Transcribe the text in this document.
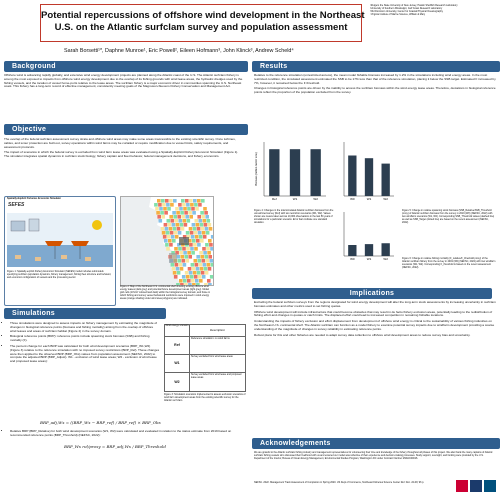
Potential repercussions of offshore wind development in the Northeast
U.S. on the Atlantic surfclam survey and population assessment
¹Rutgers the State University of New Jersey, Haskin Shellfish Research Laboratory
²University of Southern Mississippi, Gulf Coast Research Laboratory
³Old Dominion University, Center for Coastal Physical Oceanography
⁴Virginia Institute of Marine Science, William & Mary
Sarah Borsetti¹*, Daphne Munroe¹, Eric Powell², Eileen Hofmann³, John Klinck³, Andrew Scheld⁴
Background
Offshore wind is advancing rapidly globally, and extensive wind energy development projects are planned along the Atlantic coast of the U.S. The Atlantic surfclam fishery is among the most exposed to impacts from offshore wind energy development due to the overlap of its fishing grounds with wind lease areas, the hydraulic dredges used by the fishing vessels, and the location of vessel home-ports relative to the lease areas. The surfclam fishery is a major economic driver in communities spanning the U.S. Northeast coast. This fishery has a long-term record of effective management, consistently meeting goals of the Magnuson-Stevens Fishery Conservation and Management Act.
Objective

The overlap of the federal surfclam assessment survey strata and offshore wind areas may make some areas inaccessible to the existing scientific survey. Once turbines, cables, and scour protection are built out, survey operations within wind farms may be curtailed or require modification due to vessel limits, safety requirements, and assessment protocols.

The impact of scenarios in which the federal survey is excluded from wind farm lease areas was evaluated using a Spatially-Explicit Fishery Economic Simulator (Figure 1). The simulator integrates spatial dynamics in surfclam stock biology, fishery captain and fleet behavior, federal management decisions, and fishery economics.

Spatially-Explicit Fisheries Economic Simulator
SEFES
Figure 1: Spatially-explicit Fishery Economic Simulator (SEFES) model includes submodels specifying surfclam population dynamics, fishery management, fishing fleet structure and behavior, and economic configuration of vessels and the processing sector.
Figure 2: Map of the Northeast U.S. continental shelf showing existing offshore wind energy leases (dark grey) and potential future development areas (light grey). Model grid cells (10'x10' colored land dark) within the biological survey domain, and those in which fishing and survey vessel behavioral restrictions were imposed in wind energy areas (orange shading under wind area polygons) are indicated.
Wind energy scenario
Description
Ref
Reference simulation: no wind farms
W1
Survey excluded from wind lease areas
W2
Survey excluded from wind lease and proposed lease areas
Figure 3: Simulation scenarios implemented to assess exclusion scenarios of wind farm development areas from the existing scientific survey for the Atlantic surf clam.
Simulations
• Three simulations were designed to assess impacts on fishery management by estimating the magnitude of changes in biological reference points (biomass and fishing mortality) arising from the overlap of offshore wind leases and areas of surfclam habitat (Figure 2) in the survey domain.
• Biological reference points (BRP): reference points include spawning stock biomass (SSB) and fishing mortality (F).
• The percent change for each BRP was calculated for both wind development scenarios (BRP_W1,W2) (Figure 3) relative to the reference simulation with no imposed survey restrictions (BRP_Ref). These changes were then applied to the observed BRP (BRP_Obs) values from population assessment (NEFSC, 2022) to compute the adjusted BRP (BRP_Adjust). W1 - exclusion of wind lease areas; W2 - exclusion of wind lease and proposed lease areas):
BRP_adj,Wx = ((BRP_Wx − BRP_ref) / BRP_ref) × BRP_Obs
• Relative BRP (BRP_Relative) for both wind development scenarios (W1, W2) were calculated and evaluated in relation to the status estimate from 2019 based on recommended reference points (BRP_Threshold) (NEFSC, 2022):
BRP_Wx rel/proxy = BRP_adj,Wx / BRP_Threshold
Results

Relative to the reference simulation (unrestricted access), the mean model fishable biomass increased by 1.2% in the simulations including wind energy areas. In the most restricted condition, the simulated assessment estimated the SSB to be 17% less than that of the reference simulation, placing it below the SSB target. Estimated F increased by 7%, however, it remained below the F threshold.

Changes in biological reference points are driven by the inability to access the surfclam biomass within the wind energy lease areas. Therefore, deviations in biological reference points reflect the proportion of the population excluded from the survey.

Ref	W1	W2
Biomass (million metric tons)
Figure 4: Changes in the total simulated Atlantic surfclam biomass from the unrestricted survey (Ref) with two restriction scenarios (W1, W2). Values shown are means taken across 10,000 observations in the last 50 years of simulations for a particular scenario. Error bars indicate one standard deviation.
W0	W1	W2
Figure 5: Change in relative spawning stock biomass (SSB_Relative/SSB_Threshold proxy) of Atlantic surfclam biomass from the survey in 2019 (W0) (NEFSC, 2022) with two windfarm scenarios (W1, W2). Corresponding SSB_Threshold values (dashed line) as well as SSB_Target (dotted line) are based on the recent assessment (NEFSC, 2022).
W0	W1	W2	Figure 6: Change in relative fishing mortality (F_relative/F_threshold proxy) of the Atlantic surfclam fishery from the survey in 2019 (W0) (NEFSC, 2022) with two windfarm scenarios (W1, W2). Corresponding F_threshold is based on the recent assessment (NEFSC, 2022).
Implications

Excluding the federal surfclam surveys from the regions designated for wind energy development will alter the long-term stock assessments by increasing uncertainty in surfclam biomass estimates and other metrics used to set fishing quotas.

Offshore wind development will include infrastructure that could become obstacles that may result in de facto fishery exclusion areas, potentially leading to the redistribution of fishing effort and changes in quotas or catch limits. The displaced effort could lead to increased competition in remaining fishable locations.

Understanding the impacts of fishery exclusion and effort displacement from development of offshore wind energy is critical to the sustainability of various fishing industries on the Northeast U.S. continental shelf. The Atlantic surfclam can function as a model fishery to examine potential survey impacts due to windfarm development providing a coarse understanding of the magnitude of changes in survey reliability in estimating reference points.

Robust plans for this and other fisheries are needed to adapt survey data collection to offshore wind development areas to reduce survey bias and uncertainty.

Acknowledgements
We are grateful to the Atlantic surfclam fishing industry and management representatives for volunteering their time and knowledge of the fishery throughout all phases of this project. We also thank the many captains of Atlantic surfclam fishing vessels who discussed their livelihood with us and ensured our model was reflective of their experience and decision-making processes. Study support, oversight, and funding were provided by the U.S. Department of the Interior, Bureau of Ocean Energy Management, Environmental Studies Program, Washington DC under Contract Number M19AC00016.
NEFSC. 2022. Management Track Assessment of Completion in Spring 2020. US Dept of Commerce, Northeast Fisheries Science Center Ref. Doc. 22-09; 96 p.
